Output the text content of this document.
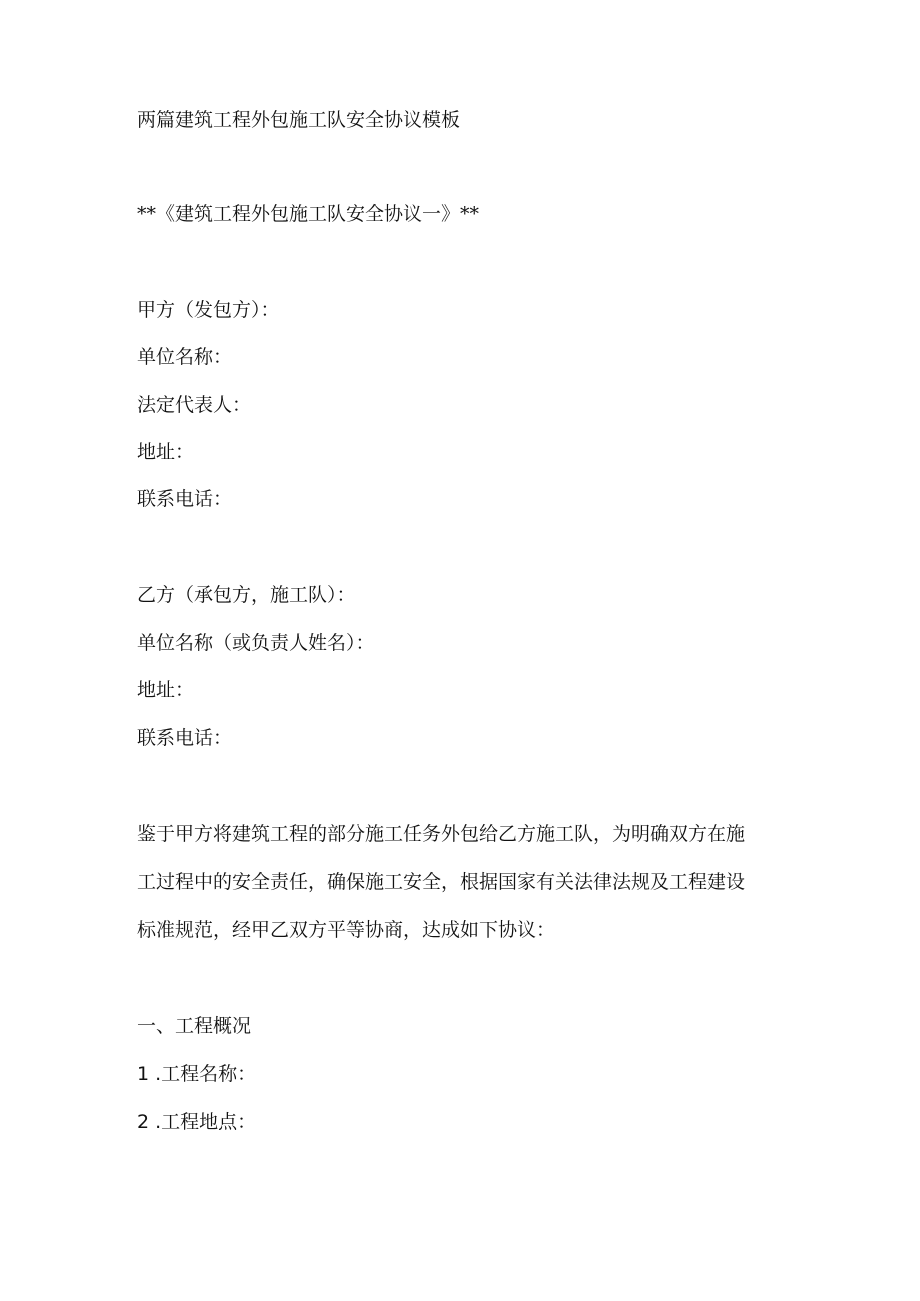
两篇建筑工程外包施工队安全协议模板
**《建筑工程外包施工队安全协议一》**
甲方（发包方）：
单位名称：
法定代表人：
地址：
联系电话：
乙方（承包方，施工队）：
单位名称（或负责人姓名）：
地址：
联系电话：
鉴于甲方将建筑工程的部分施工任务外包给乙方施工队，为明确双方在施
工过程中的安全责任，确保施工安全，根据国家有关法律法规及工程建设
标准规范，经甲乙双方平等协商，达成如下协议：
一、工程概况
1 .工程名称：
2 .工程地点：
